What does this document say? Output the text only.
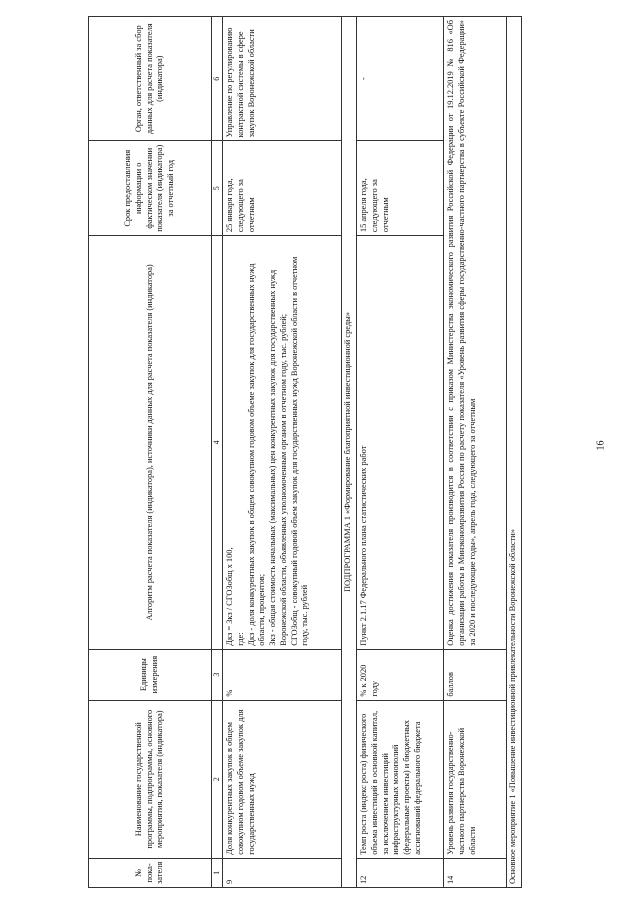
16
№ пока-зателя	Наименование государственной программы, подпрограммы, основного мероприятия, показателя (индикатора)	Единицы измерения	Алгоритм расчета показателя (индикатора), источники данных для расчета показателя (индикатора)	Срок предоставления информации о фактическом значении показателя (индикатора) за отчетный год	Орган, ответственный за сбор данных для расчета показателя (индикатора)
1	2	3	4	5	6
9	Доля конкурентных закупок в общем совокупном годовом объеме закупок для государственных нужд	%	Дкз = Зкз / СГОЗобщ х 100,
где:
Дкз - доля конкурентных закупок в общем совокупном годовом объеме закупок для государственных нужд области, процентов;
Зкз - общая стоимость начальных (максимальных) цен конкурентных закупок для государственных нужд Воронежской области, объявленных уполномоченным органом в отчетном году, тыс. рублей;
СГОЗобщ - совокупный годовой объем закупок для государственных нужд Воронежской области в отчетном году, тыс. рублей	25 января года, следующего за отчетным	Управление по регулированию контрактной системы в сфере закупок Воронежской области
ПОДПРОГРАММА 1 «Формирование благоприятной инвестиционной среды»					
12	Темп роста (индекс роста) физического объема инвестиций в основной капитал, за исключением инвестиций инфраструктурных монополий (федеральные проекты) и бюджетных ассигнований федерального бюджета	% к 2020 году	Пункт 2.1.17 Федерального плана статистических работ	15 апреля года, следующего за отчетным	-
14	Уровень развития государственно-частного партнерства Воронежской области	баллов	Оценка достижения показателя производится в соответствии с приказом Министерства экономического развития Российской Федерации от 19.12.2019 № 816 «Об организации работы в Минэкономразвития России по расчету показателя «Уровень развития сферы государственно-частного партнерства в субъекте Российской Федерации» за 2020 и последующие годы», апрель года, следующего за отчетным		
Основное мероприятие 1 «Повышение инвестиционной привлекательности Воронежской области»					
